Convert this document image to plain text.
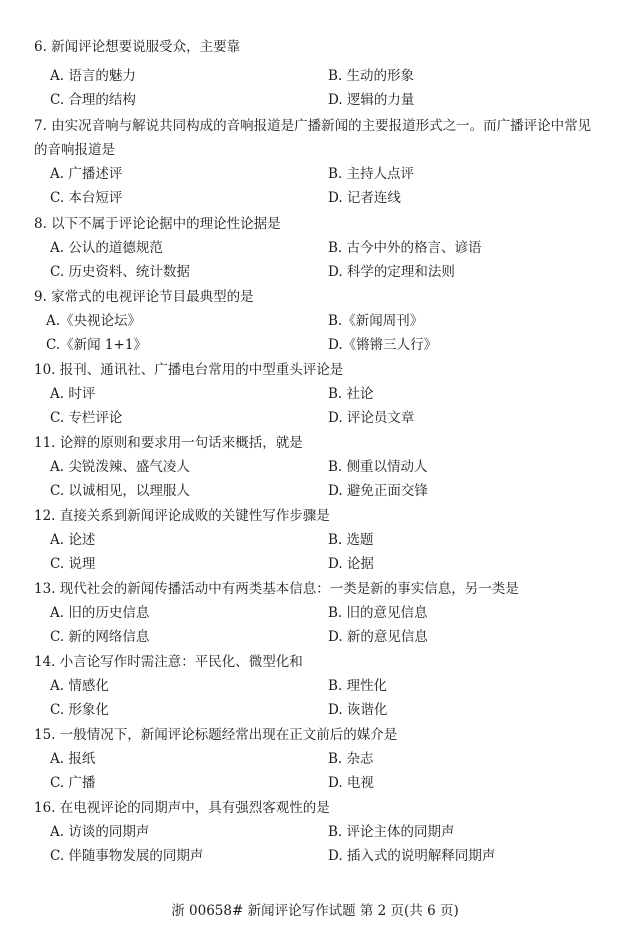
6. 新闻评论想要说服受众，主要靠
A. 语言的魅力	B. 生动的形象
C. 合理的结构	D. 逻辑的力量
7. 由实况音响与解说共同构成的音响报道是广播新闻的主要报道形式之一。而广播评论中常见的音响报道是
A. 广播述评	B. 主持人点评
C. 本台短评	D. 记者连线
8. 以下不属于评论论据中的理论性论据是
A. 公认的道德规范	B. 古今中外的格言、谚语
C. 历史资料、统计数据	D. 科学的定理和法则
9. 家常式的电视评论节目最典型的是
A.《央视论坛》	B.《新闻周刊》
C.《新闻 1+1》	D.《锵锵三人行》
10. 报刊、通讯社、广播电台常用的中型重头评论是
A. 时评	B. 社论
C. 专栏评论	D. 评论员文章
11. 论辩的原则和要求用一句话来概括，就是
A. 尖锐泼辣、盛气凌人	B. 侧重以情动人
C. 以诚相见，以理服人	D. 避免正面交锋
12. 直接关系到新闻评论成败的关键性写作步骤是
A. 论述	B. 选题
C. 说理	D. 论据
13. 现代社会的新闻传播活动中有两类基本信息：一类是新的事实信息，另一类是
A. 旧的历史信息	B. 旧的意见信息
C. 新的网络信息	D. 新的意见信息
14. 小言论写作时需注意：平民化、微型化和
A. 情感化	B. 理性化
C. 形象化	D. 诙谐化
15. 一般情况下，新闻评论标题经常出现在正文前后的媒介是
A. 报纸	B. 杂志
C. 广播	D. 电视
16. 在电视评论的同期声中，具有强烈客观性的是
A. 访谈的同期声	B. 评论主体的同期声
C. 伴随事物发展的同期声	D. 插入式的说明解释同期声
浙 00658# 新闻评论写作试题 第 2 页(共 6 页)
